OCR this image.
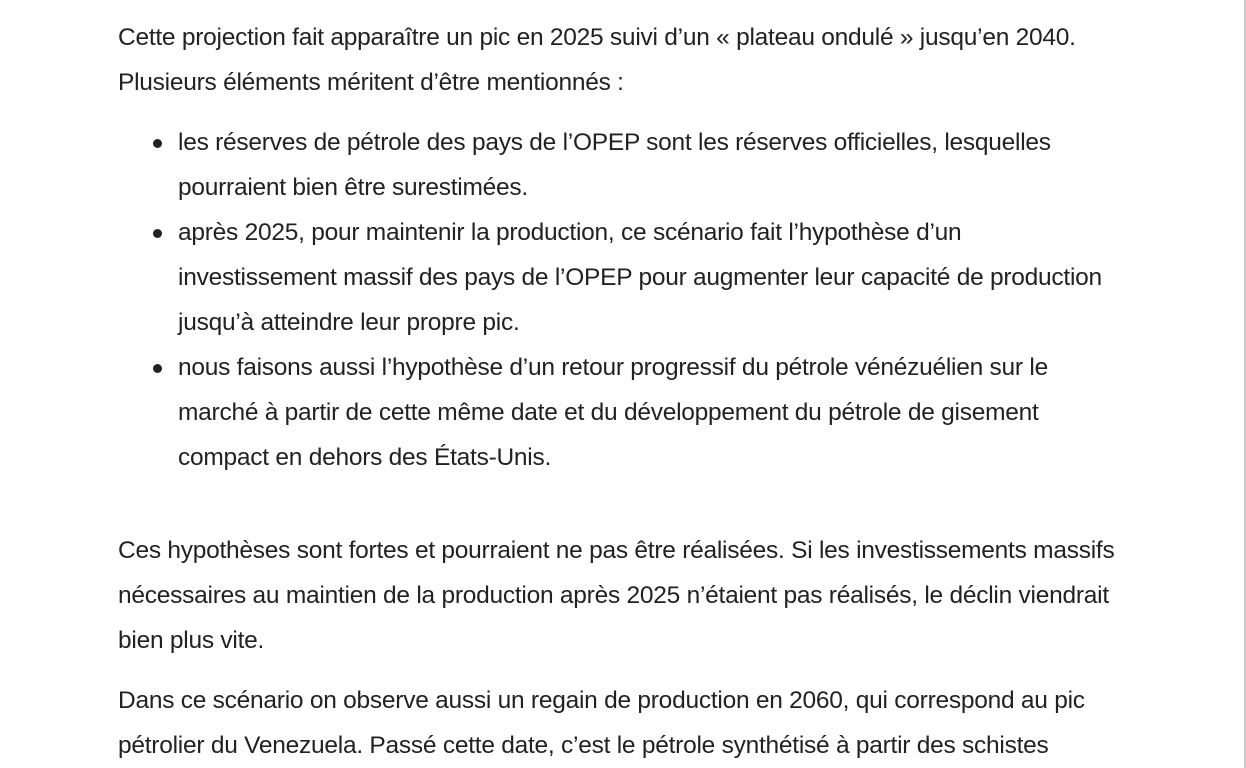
Cette projection fait apparaître un pic en 2025 suivi d’un « plateau ondulé » jusqu’en 2040.
Plusieurs éléments méritent d’être mentionnés :

les réserves de pétrole des pays de l’OPEP sont les réserves officielles, lesquelles
pourraient bien être surestimées.
après 2025, pour maintenir la production, ce scénario fait l’hypothèse d’un
investissement massif des pays de l’OPEP pour augmenter leur capacité de production
jusqu’à atteindre leur propre pic.
nous faisons aussi l’hypothèse d’un retour progressif du pétrole vénézuélien sur le
marché à partir de cette même date et du développement du pétrole de gisement
compact en dehors des États-Unis.

Ces hypothèses sont fortes et pourraient ne pas être réalisées. Si les investissements massifs
nécessaires au maintien de la production après 2025 n’étaient pas réalisés, le déclin viendrait
bien plus vite.

Dans ce scénario on observe aussi un regain de production en 2060, qui correspond au pic
pétrolier du Venezuela. Passé cette date, c’est le pétrole synthétisé à partir des schistes
